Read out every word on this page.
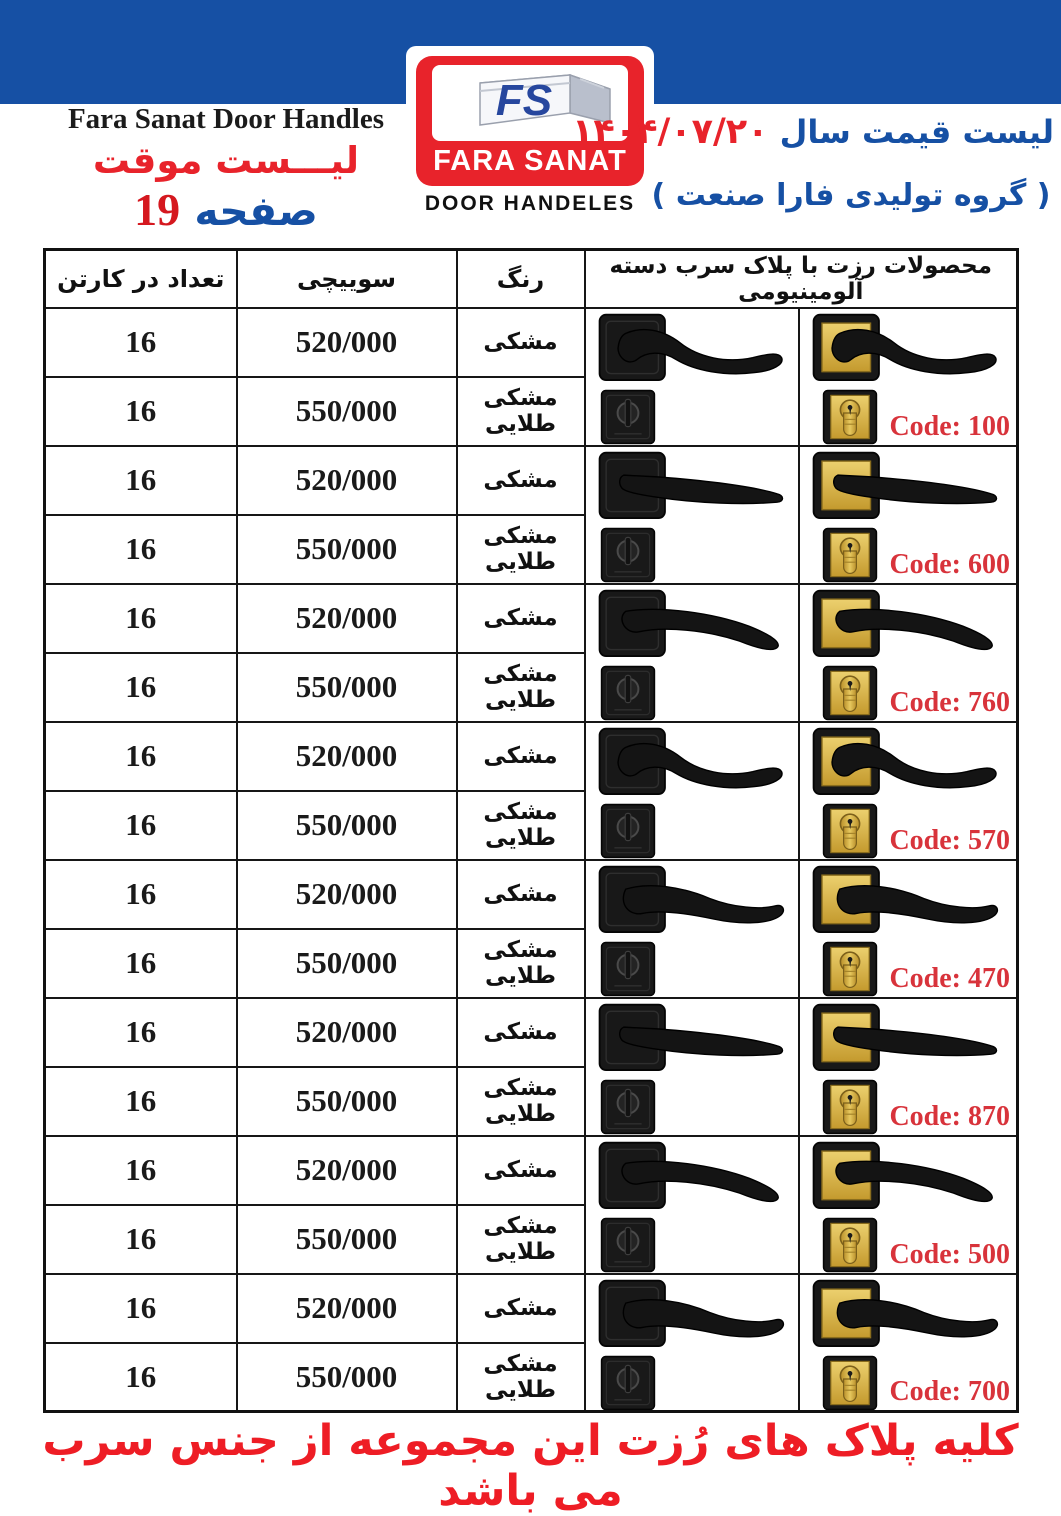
FS
FARA SANAT
DOOR HANDELES
Fara Sanat Door Handles
لیـــست موقت
صفحه 19
لیست قیمت سال ۱۴۰۴/۰۷/۲۰
( گروه تولیدی فارا صنعت )
تعداد در کارتن	سوییچی	رنگ	محصولات رزت با پلاک سرب دسته آلومینیومی	
16	520/000	مشکی		Code: 100

16	550/000	مشکی طلایی		
16	520/000	مشکی		Code: 600

16	550/000	مشکی طلایی		
16	520/000	مشکی		Code: 760

16	550/000	مشکی طلایی		
16	520/000	مشکی		Code: 570

16	550/000	مشکی طلایی		
16	520/000	مشکی		Code: 470

16	550/000	مشکی طلایی		
16	520/000	مشکی		Code: 870

16	550/000	مشکی طلایی		
16	520/000	مشکی		Code: 500

16	550/000	مشکی طلایی		
16	520/000	مشکی		Code: 700

16	550/000	مشکی طلایی		
کلیه پلاک های رُزت این مجموعه از جنس سرب می باشد
